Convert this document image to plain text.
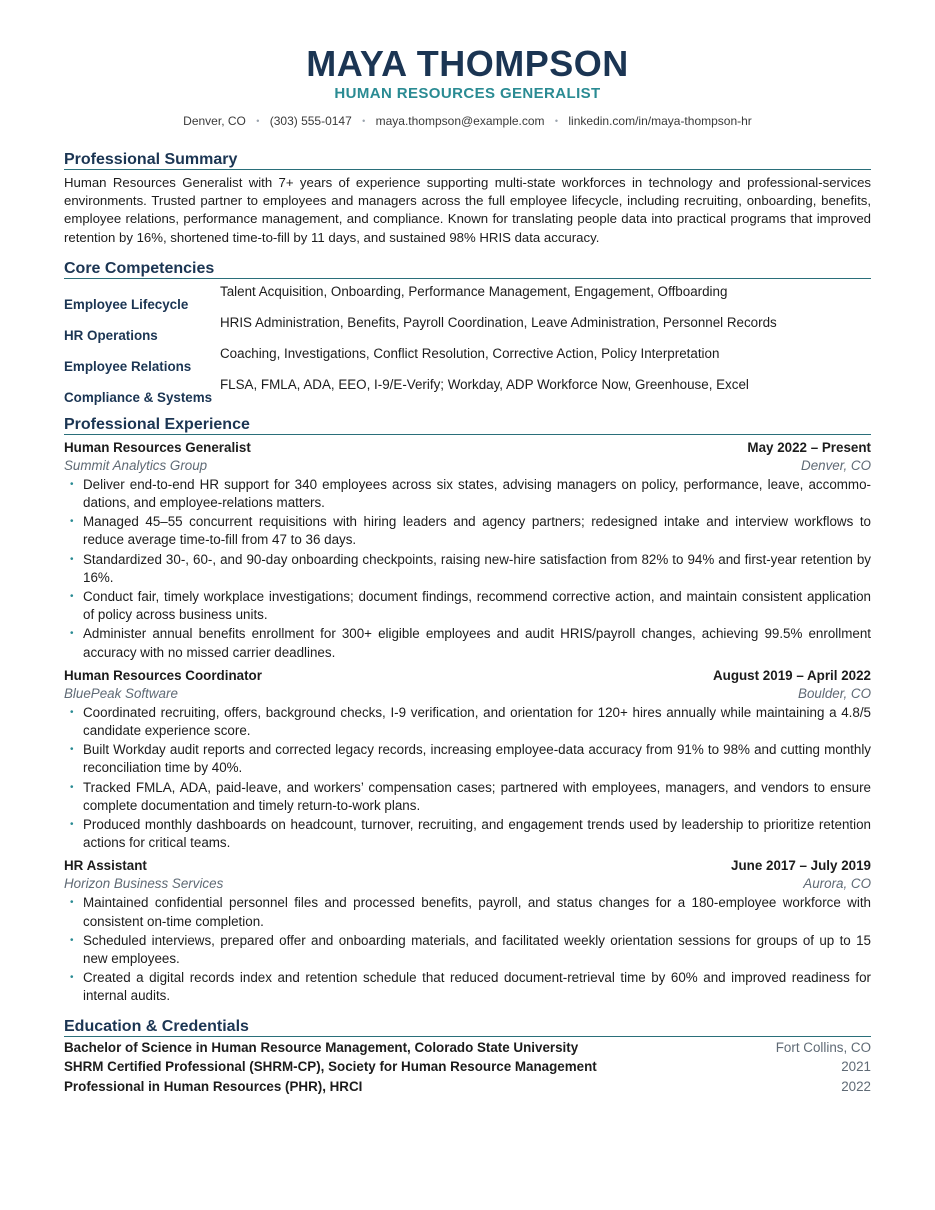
MAYA THOMPSON
HUMAN RESOURCES GENERALIST
Denver, CO • (303) 555-0147 • maya.thompson@example.com • linkedin.com/in/maya-thompson-hr
Professional Summary

Human Resources Generalist with 7+ years of experience supporting multi-state workforces in technology and professional-services environments. Trusted partner to employees and managers across the full employee lifecycle, including recruiting, onboarding, benefits, employee relations, performance management, and compliance. Known for translating people data into practical programs that improved retention by 16%, shortened time-to-fill by 11 days, and sustained 98% HRIS data accuracy.

Core Competencies
Employee Lifecycle
Talent Acquisition, Onboarding, Performance Management, Engagement, Offboarding
HR Operations
HRIS Administration, Benefits, Payroll Coordination, Leave Administration, Personnel Records
Employee Relations
Coaching, Investigations, Conflict Resolution, Corrective Action, Policy Interpretation
Compliance & Systems
FLSA, FMLA, ADA, EEO, I-9/E-Verify; Workday, ADP Workforce Now, Greenhouse, Excel
Professional Experience
Human Resources Generalist	May 2022 – Present
Summit Analytics Group	Denver, CO
• Deliver end-to-end HR support for 340 employees across six states, advising managers on policy, performance, leave, accommo-dations, and employee-relations matters.
• Managed 45–55 concurrent requisitions with hiring leaders and agency partners; redesigned intake and interview workflows to reduce average time-to-fill from 47 to 36 days.
• Standardized 30-, 60-, and 90-day onboarding checkpoints, raising new-hire satisfaction from 82% to 94% and first-year retention by 16%.
• Conduct fair, timely workplace investigations; document findings, recommend corrective action, and maintain consistent application of policy across business units.
• Administer annual benefits enrollment for 300+ eligible employees and audit HRIS/payroll changes, achieving 99.5% enrollment accuracy with no missed carrier deadlines.
Human Resources Coordinator	August 2019 – April 2022
BluePeak Software	Boulder, CO
• Coordinated recruiting, offers, background checks, I-9 verification, and orientation for 120+ hires annually while maintaining a 4.8/5 candidate experience score.
• Built Workday audit reports and corrected legacy records, increasing employee-data accuracy from 91% to 98% and cutting monthly reconciliation time by 40%.
• Tracked FMLA, ADA, paid-leave, and workers’ compensation cases; partnered with employees, managers, and vendors to ensure complete documentation and timely return-to-work plans.
• Produced monthly dashboards on headcount, turnover, recruiting, and engagement trends used by leadership to prioritize retention actions for critical teams.
HR Assistant	June 2017 – July 2019
Horizon Business Services	Aurora, CO
• Maintained confidential personnel files and processed benefits, payroll, and status changes for a 180-employee workforce with consistent on-time completion.
• Scheduled interviews, prepared offer and onboarding materials, and facilitated weekly orientation sessions for groups of up to 15 new employees.
• Created a digital records index and retention schedule that reduced document-retrieval time by 60% and improved readiness for internal audits.
Education & Credentials
Bachelor of Science in Human Resource Management, Colorado State University	Fort Collins, CO
SHRM Certified Professional (SHRM-CP), Society for Human Resource Management	2021
Professional in Human Resources (PHR), HRCI	2022
